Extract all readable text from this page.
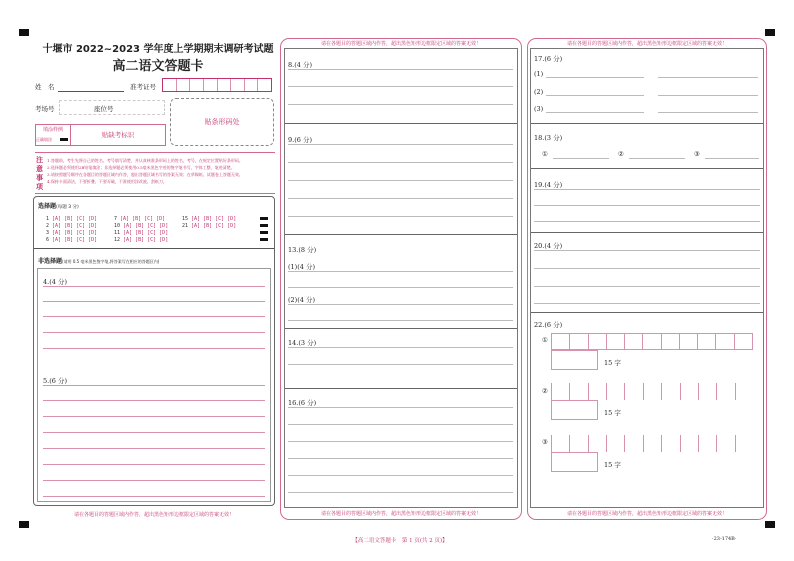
十堰市 2022~2023 学年度上学期期末调研考试题
高二语文答题卡
姓　名	准考证号
考场号	座位号
贴条形码处
填涂样例
正确填涂
贴缺考标识
注
意
事
项
1.答题前，考生先将自己的姓名、考号填写清楚，并认真核准条形码上的姓名、考号，在规定位置贴好条形码。
2.选择题必须使用2B铅笔填涂；非选择题必须使用0.5毫米黑色字迹的签字笔书写，字体工整、笔迹清楚。
3.请按照题号顺序在各题目的答题区域内作答，超出答题区域书写的答案无效；在草稿纸、试题卷上答题无效。
4.保持卡面清洁，不要折叠、不要弄破，不准使用涂改液、刮纸刀。
选择题(每题 3 分)
1 [A] [B] [C] [D]
2 [A] [B] [C] [D]
3 [A] [B] [C] [D]
6 [A] [B] [C] [D]
7 [A] [B] [C] [D]
10 [A] [B] [C] [D]
11 [A] [B] [C] [D]
12 [A] [B] [C] [D]
15 [A] [B] [C] [D]
21 [A] [B] [C] [D]
非选择题(请用 0.5 毫米黑色签字笔,将答案写在相应的答题区内)
4.(4 分)
5.(6 分)
请在各题目的答题区域内作答，超出黑色矩形边框限定区域的答案无效！
请在各题目的答题区域内作答，超出黑色矩形边框限定区域的答案无效！
8.(4 分)
9.(6 分)
13.(8 分)
(1)(4 分)
(2)(4 分)
14.(3 分)
16.(6 分)
请在各题目的答题区域内作答，超出黑色矩形边框限定区域的答案无效！
请在各题目的答题区域内作答，超出黑色矩形边框限定区域的答案无效！
17.(6 分)
(1)
(2)
(3)
18.(3 分)
①	②	③
19.(4 分)
20.(4 分)
22.(6 分)
①
15 字
②
15 字
③
15 字
请在各题目的答题区域内作答，超出黑色矩形边框限定区域的答案无效！
【高二语文答题卡　第 1 页(共 2 页)】	·23-174B·
